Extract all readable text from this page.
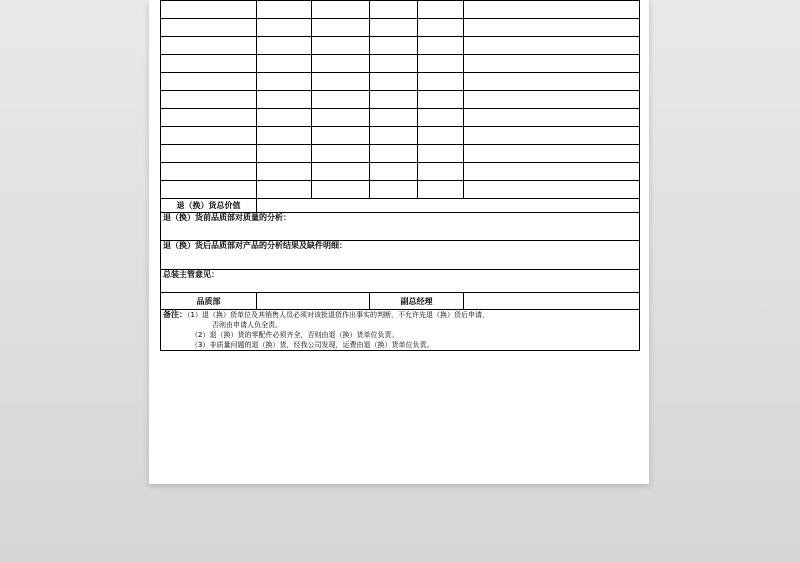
退（换）货总价值					
退（换）货前品质部对质量的分析：					
退（换）货后品质部对产品的分析结果及缺件明细：					
总装主管意见：					
品质部			副总经理		

备注：（1）退（换）货单位及其销售人员必须对该批退货作出事实的判断，不允许先退（换）货后申请，
否则由申请人负全责。
（2）退（换）货的零配件必须齐全，否则由退（换）货单位负责。
（3）非质量问题的退（换）货，经我公司发现，运费由退（换）货单位负责。					
